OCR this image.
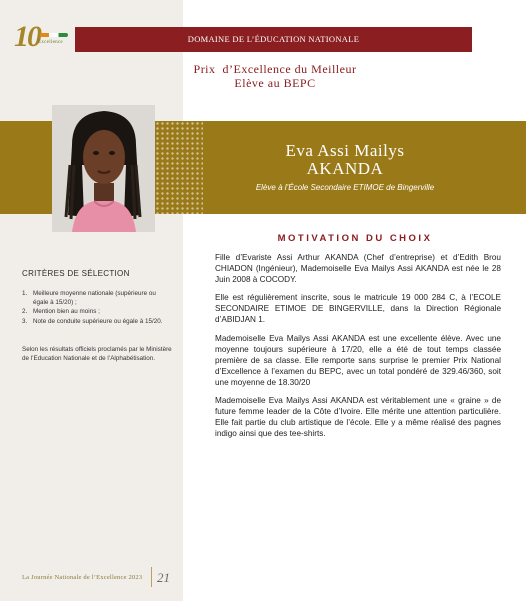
10
Excellence	DOMAINE DE L’ÉDUCATION NATIONALE
Prix  d’Excellence du Meilleur
Elève au BEPC
Eva Assi Mailys
AKANDA
Elève à l’École Secondaire ETIMOE de Bingerville
CRITÈRES DE SÉLECTION
1. Meilleure moyenne nationale (supérieure ou égale à 15/20) ;
2. Mention bien au moins ;
3. Note de conduite supérieure ou égale à 15/20.
Selon les résultats officiels proclamés par le Ministère de l’Education Nationale et de l’Alphabétisation.
MOTIVATION DU CHOIX

Fille d’Evariste Assi Arthur AKANDA (Chef d’entreprise) et d’Edith Brou CHIADON (Ingénieur), Mademoiselle Eva Mailys Assi AKANDA est née le 28 Juin 2008 à COCODY.

Elle est régulièrement inscrite, sous le matricule 19 000 284 C, à l’ECOLE SECONDAIRE ETIMOE DE BINGERVILLE, dans la Direction Régionale d’ABIDJAN 1.

Mademoiselle Eva Mailys Assi AKANDA est une excellente élève. Avec une moyenne toujours supérieure à 17/20, elle a été de tout temps classée première de sa classe. Elle remporte sans surprise le premier Prix National d’Excellence à l’examen du BEPC, avec un total pondéré de 329.46/360, soit une moyenne de 18.30/20

Mademoiselle Eva Mailys Assi AKANDA est véritablement une « graine » de future femme leader de la Côte d’Ivoire. Elle mérite une attention particulière. Elle fait partie du club artistique de l’école. Elle y a même réalisé des pagnes indigo ainsi que des tee-shirts.

La Journée Nationale de l’Excellence 2023 21
